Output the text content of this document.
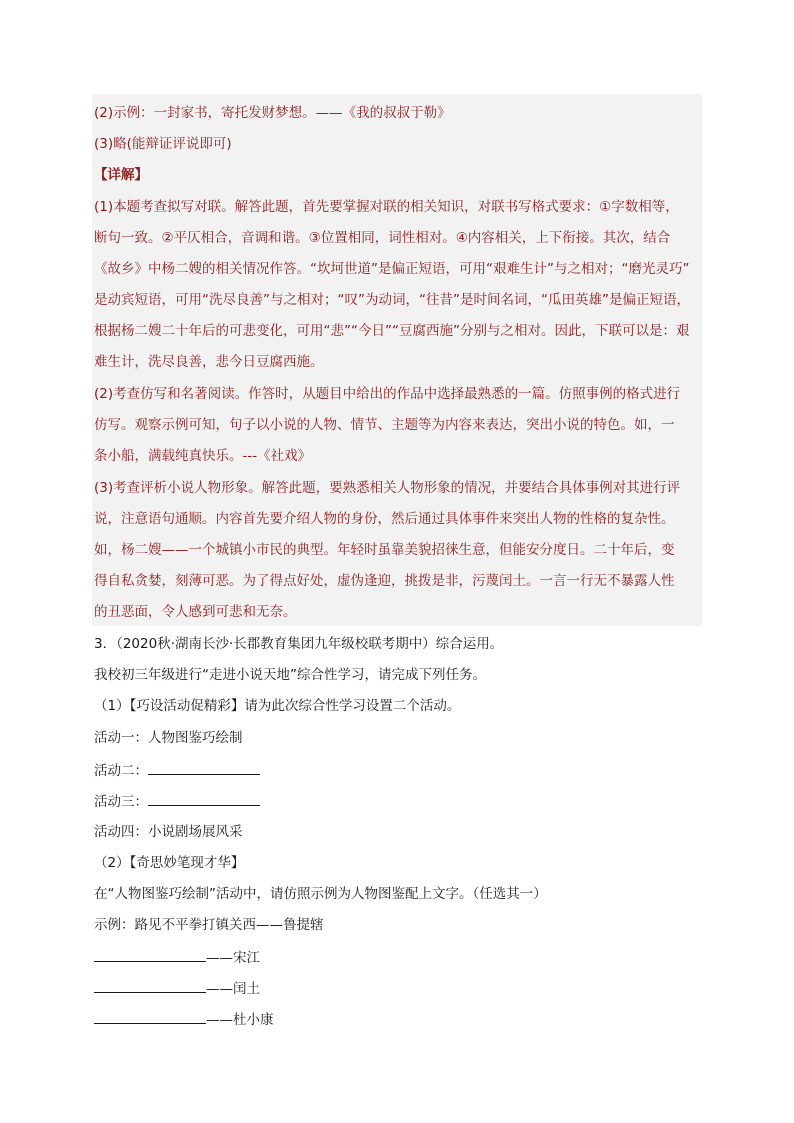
(2)示例：一封家书，寄托发财梦想。——《我的叔叔于勒》
(3)略(能辩证评说即可)
【详解】
(1)本题考查拟写对联。解答此题，首先要掌握对联的相关知识，对联书写格式要求：①字数相等，
断句一致。②平仄相合，音调和谐。③位置相同，词性相对。④内容相关，上下衔接。其次，结合
《故乡》中杨二嫂的相关情况作答。“坎坷世道”是偏正短语，可用“艰难生计”与之相对；“磨光灵巧”
是动宾短语，可用“洗尽良善”与之相对；“叹”为动词，“往昔”是时间名词，“瓜田英雄”是偏正短语，
根据杨二嫂二十年后的可悲变化，可用“悲”“今日”“豆腐西施”分别与之相对。因此，下联可以是：艰
难生计，洗尽良善，悲今日豆腐西施。
(2)考查仿写和名著阅读。作答时，从题目中给出的作品中选择最熟悉的一篇。仿照事例的格式进行
仿写。观察示例可知，句子以小说的人物、情节、主题等为内容来表达，突出小说的特色。如，一
条小船，满载纯真快乐。---《社戏》
(3)考查评析小说人物形象。解答此题，要熟悉相关人物形象的情况，并要结合具体事例对其进行评
说，注意语句通顺。内容首先要介绍人物的身份，然后通过具体事件来突出人物的性格的复杂性。
如，杨二嫂——一个城镇小市民的典型。年轻时虽靠美貌招徕生意，但能安分度日。二十年后，变
得自私贪婪，刻薄可恶。为了得点好处，虚伪逢迎，挑拨是非，污蔑闰土。一言一行无不暴露人性
的丑恶面，令人感到可悲和无奈。
3．（2020秋·湖南长沙·长郡教育集团九年级校联考期中）综合运用。
我校初三年级进行“走进小说天地”综合性学习，请完成下列任务。
（1）【巧设活动促精彩】请为此次综合性学习设置二个活动。
活动一：人物图鉴巧绘制
活动二：
活动三：
活动四：小说剧场展风采
（2）【奇思妙笔现才华】
在“人物图鉴巧绘制”活动中，请仿照示例为人物图鉴配上文字。（任选其一）
示例：路见不平拳打镇关西——鲁提辖
——宋江
——闰土
——杜小康
